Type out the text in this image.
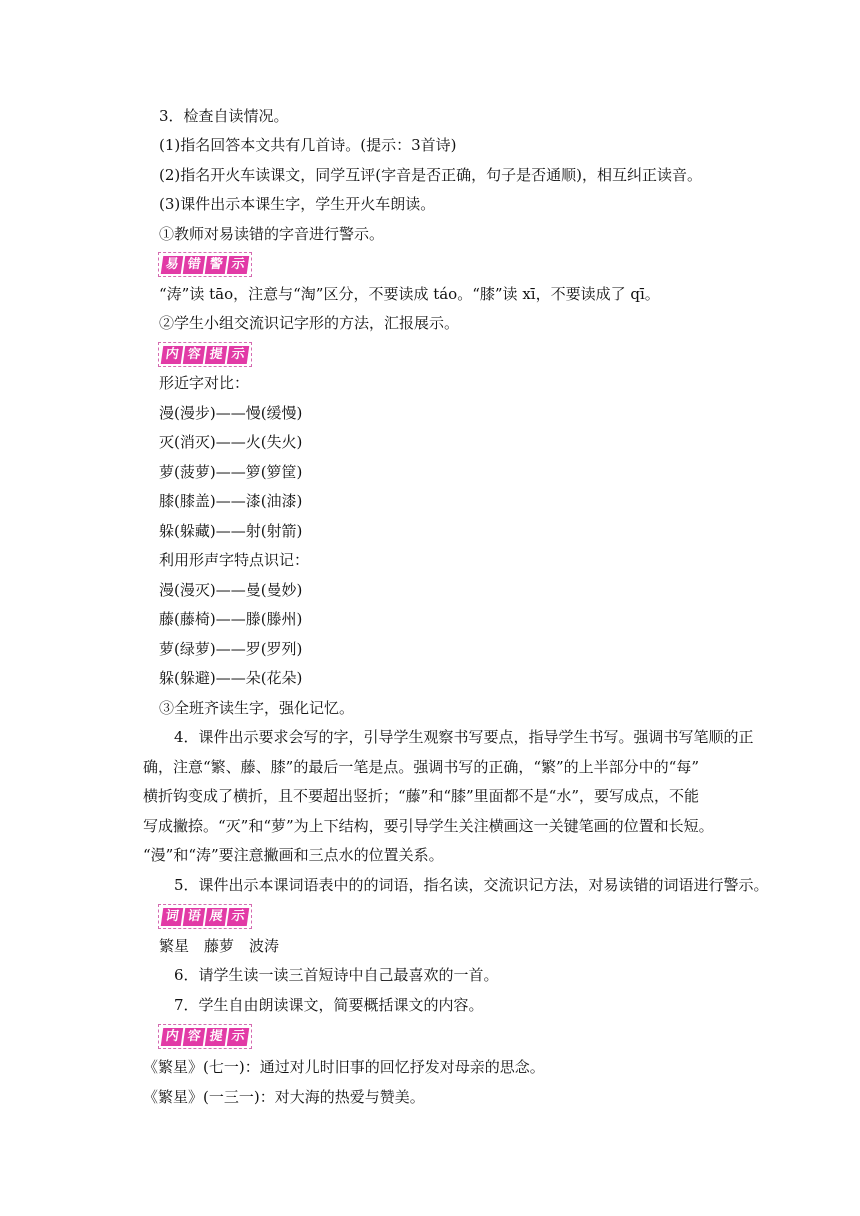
3．检查自读情况。
(1)指名回答本文共有几首诗。(提示：3首诗)
(2)指名开火车读课文，同学互评(字音是否正确，句子是否通顺)，相互纠正读音。
(3)课件出示本课生字，学生开火车朗读。
①教师对易读错的字音进行警示。
易 错 警 示
“涛”读 tāo，注意与“淘”区分，不要读成 táo。“膝”读 xī，不要读成了 qī。
②学生小组交流识记字形的方法，汇报展示。
内 容 提 示
形近字对比：
漫(漫步)——慢(缓慢)
灭(消灭)——火(失火)
萝(菠萝)——箩(箩筐)
膝(膝盖)——漆(油漆)
躲(躲藏)——射(射箭)
利用形声字特点识记：
漫(漫灭)——曼(曼妙)
藤(藤椅)——滕(滕州)
萝(绿萝)——罗(罗列)
躲(躲避)——朵(花朵)
③全班齐读生字，强化记忆。
4．课件出示要求会写的字，引导学生观察书写要点，指导学生书写。强调书写笔顺的正
确，注意“繁、藤、膝”的最后一笔是点。强调书写的正确，“繁”的上半部分中的“每”
横折钩变成了横折，且不要超出竖折；“藤”和“膝”里面都不是“水”，要写成点，不能
写成撇捺。“灭”和“萝”为上下结构，要引导学生关注横画这一关键笔画的位置和长短。
“漫”和“涛”要注意撇画和三点水的位置关系。
5．课件出示本课词语表中的的词语，指名读，交流识记方法，对易读错的词语进行警示。
词 语 展 示
繁星　藤萝　波涛
6．请学生读一读三首短诗中自己最喜欢的一首。
7．学生自由朗读课文，简要概括课文的内容。
内 容 提 示
《繁星》(七一)：通过对儿时旧事的回忆抒发对母亲的思念。
《繁星》(一三一)：对大海的热爱与赞美。
